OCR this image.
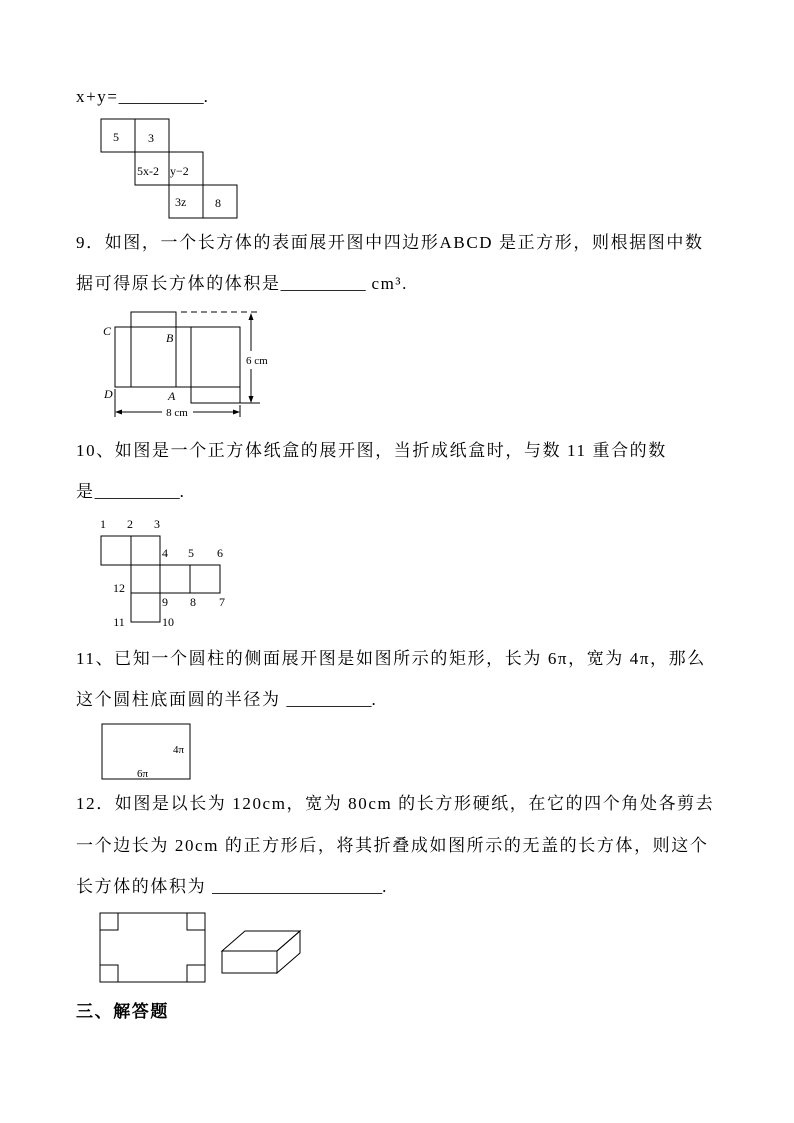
x+y=__________.
5 3
5x-2 y−2
3z 8
9．如图，一个长方体的表面展开图中四边形ABCD 是正方形，则根据图中数
据可得原长方体的体积是__________ cm³.
6 cm
8 cm
C	B
D	A
10、如图是一个正方体纸盒的展开图，当折成纸盒时，与数 11 重合的数
是__________.
1 2 3
4 5 6
7
8
9
10
11
12
11、已知一个圆柱的侧面展开图是如图所示的矩形，长为 6π，宽为 4π，那么
这个圆柱底面圆的半径为 __________.
4π
6π
12．如图是以长为 120cm，宽为 80cm 的长方形硬纸，在它的四个角处各剪去
一个边长为 20cm 的正方形后，将其折叠成如图所示的无盖的长方体，则这个
长方体的体积为 ____________________.
三、解答题
